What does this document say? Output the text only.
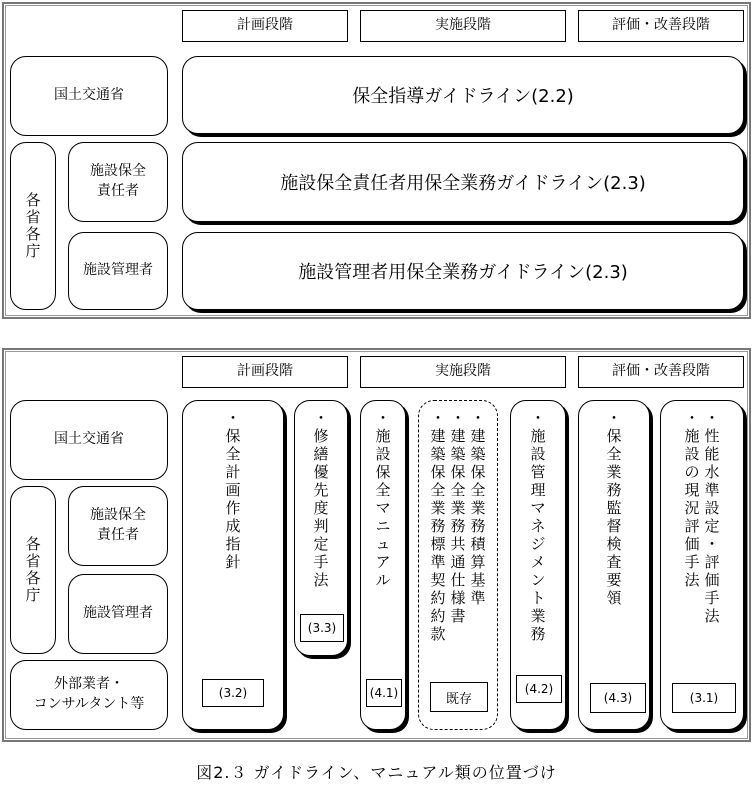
計画段階	実施段階	評価・改善段階
国土交通省
各
省
各
庁
施設保全
責任者
施設管理者
保全指導ガイドライン(2.2)
施設保全責任者用保全業務ガイドライン(2.3)
施設管理者用保全業務ガイドライン(2.3)
計画段階	実施段階	評価・改善段階
国土交通省
各
省
各
庁
施設保全
責任者
施設管理者
外部業者・
コンサルタント等
・
保
全
計
画
作
成
指
針
・
修
繕
優
先
度
判
定
手
法
・
施
設
保
全
マ
ニ
ュ
ア
ル
・
建
築
保
全
業
務
標
準
契
約
約
款
・
建
築
保
全
業
務
共
通
仕
様
書
・
建
築
保
全
業
務
積
算
基
準
・
施
設
管
理
マ
ネ
ジ
メ
ン
ト
業
務
・
保
全
業
務
監
督
検
査
要
領
・
施
設
の
現
況
評
価
手
法
・
性
能
水
準
設
定
・
評
価
手
法
(3.2)
(3.3)
(4.1)	既存
(4.2)
(4.3)	(3.1)
図2.３ ガイドライン、マニュアル類の位置づけ
